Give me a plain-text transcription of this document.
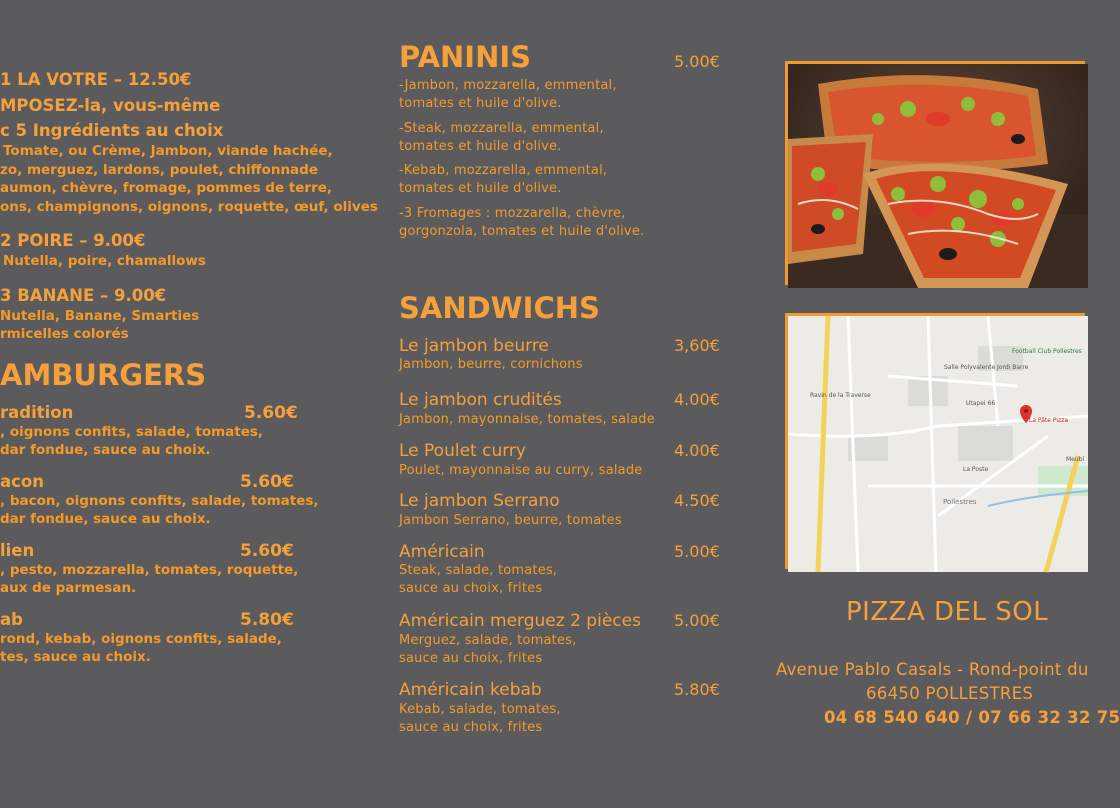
1 LA VOTRE – 12.50€
MPOSEZ-la, vous-même
c 5 Ingrédients au choix
Tomate, ou Crème, Jambon, viande hachée,
zo, merguez, lardons, poulet, chiffonnade
aumon, chèvre, fromage, pommes de terre,
ons, champignons, oignons, roquette, œuf, olives
2 POIRE – 9.00€
Nutella, poire, chamallows
3 BANANE – 9.00€
Nutella, Banane, Smarties
rmicelles colorés
AMBURGERS
radition	5.60€
, oignons confits, salade, tomates,
dar fondue, sauce au choix.
acon	5.60€
, bacon, oignons confits, salade, tomates,
dar fondue, sauce au choix.
lien	5.60€
, pesto, mozzarella, tomates, roquette,
aux de parmesan.
ab	5.80€
rond, kebab, oignons confits, salade,
tes, sauce au choix.
PANINIS	5.00€
-Jambon, mozzarella, emmental,
tomates et huile d'olive.
-Steak, mozzarella, emmental,
tomates et huile d'olive.
-Kebab, mozzarella, emmental,
tomates et huile d'olive.
-3 Fromages : mozzarella, chèvre,
gorgonzola, tomates et huile d'olive.
SANDWICHS
Le jambon beurre	3,60€
Jambon, beurre, cornichons
Le jambon crudités	4.00€
Jambon, mayonnaise, tomates, salade
Le Poulet curry	4.00€
Poulet, mayonnaise au curry, salade
Le jambon Serrano	4.50€
Jambon Serrano, beurre, tomates
Américain	5.00€
Steak, salade, tomates,
sauce au choix, frites
Américain merguez 2 pièces 5.00€
Merguez, salade, tomates,
sauce au choix, frites
Américain kebab	5.80€
Kebab, salade, tomates,
sauce au choix, frites
Football Club Pollestres
Salle Polyvalente Jordi Barre
Utapei 66
La Pâte Pizza
La Poste
Pollestres
Ravin de la Traverse
Meubl
PIZZA DEL SOL
Avenue Pablo Casals - Rond-point du
66450 POLLESTRES
04 68 540 640 / 07 66 32 32 75
